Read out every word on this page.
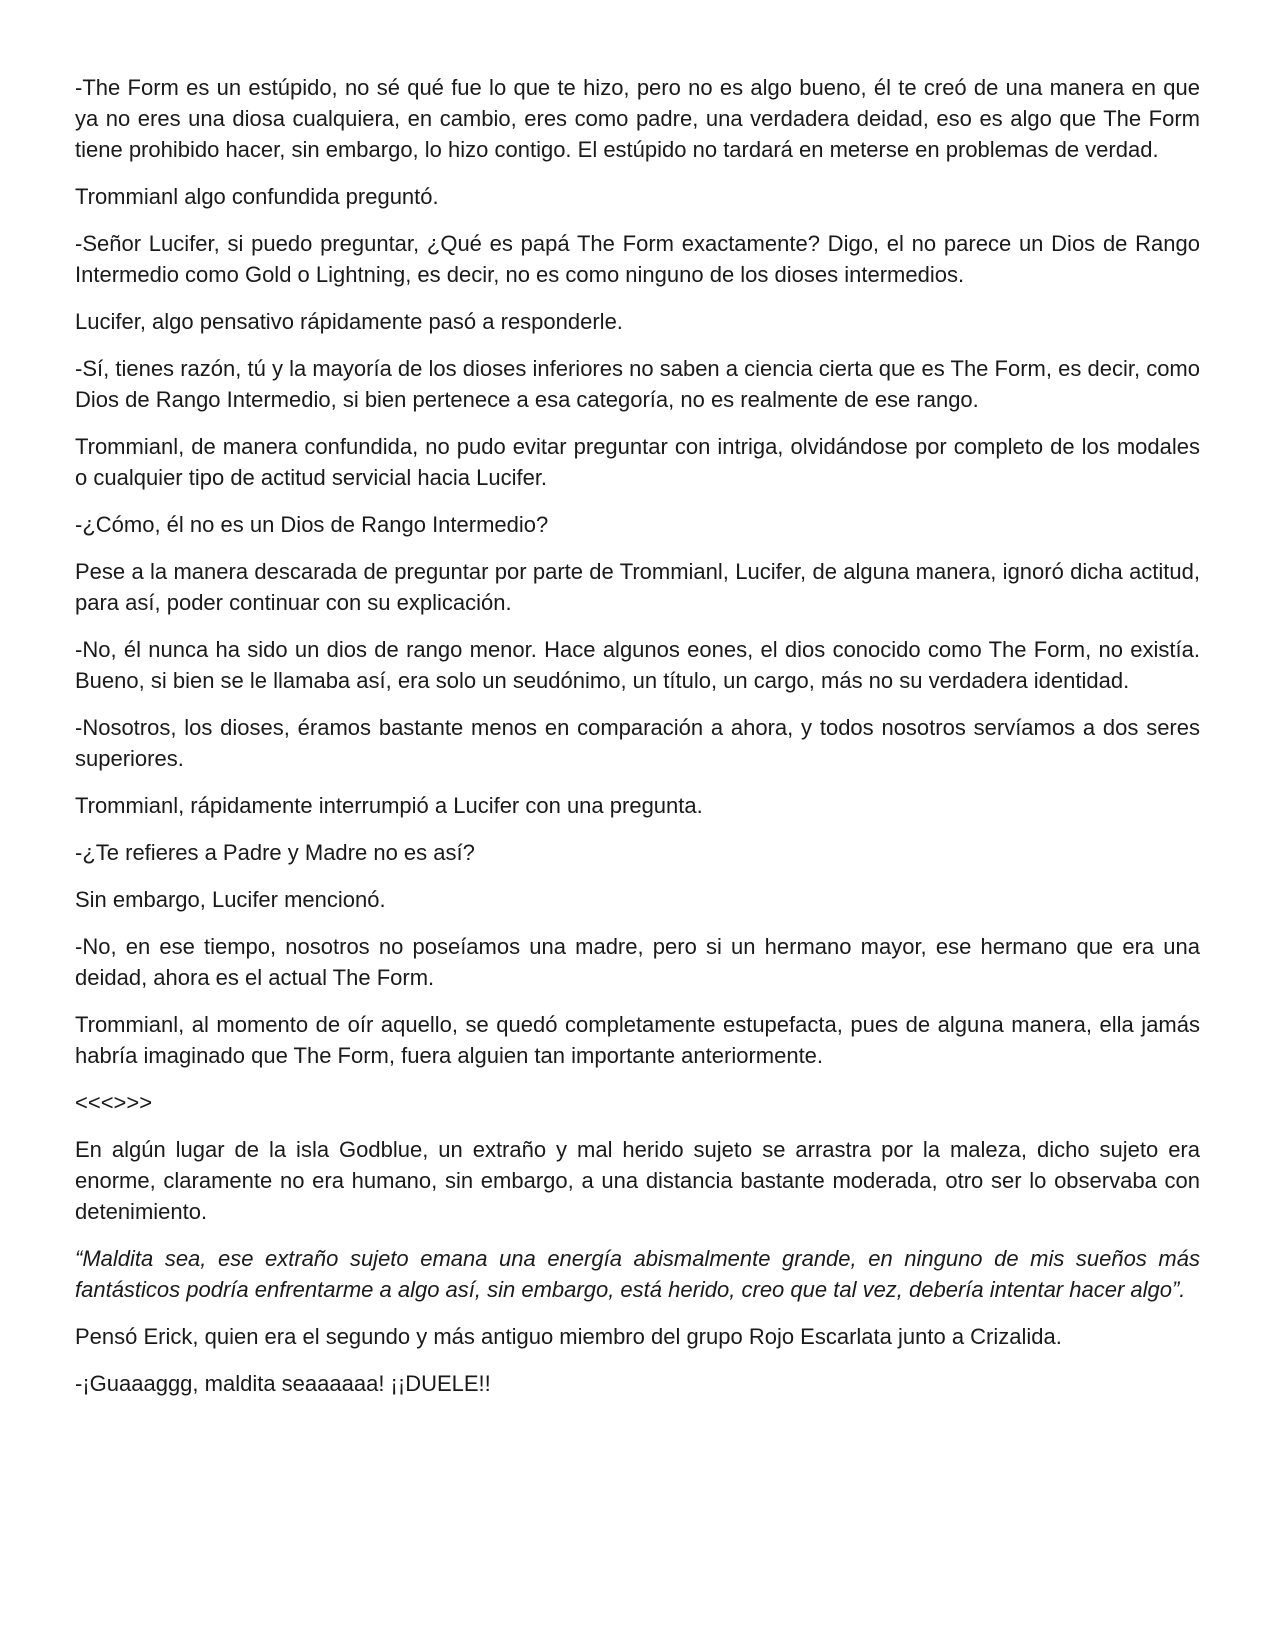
-The Form es un estúpido, no sé qué fue lo que te hizo, pero no es algo bueno, él te creó de una manera en que ya no eres una diosa cualquiera, en cambio, eres como padre, una verdadera deidad, eso es algo que The Form tiene prohibido hacer, sin embargo, lo hizo contigo. El estúpido no tardará en meterse en problemas de verdad.

Trommianl algo confundida preguntó.

-Señor Lucifer, si puedo preguntar, ¿Qué es papá The Form exactamente? Digo, el no parece un Dios de Rango Intermedio como Gold o Lightning, es decir, no es como ninguno de los dioses intermedios.

Lucifer, algo pensativo rápidamente pasó a responderle.

-Sí, tienes razón, tú y la mayoría de los dioses inferiores no saben a ciencia cierta que es The Form, es decir, como Dios de Rango Intermedio, si bien pertenece a esa categoría, no es realmente de ese rango.

Trommianl, de manera confundida, no pudo evitar preguntar con intriga, olvidándose por completo de los modales o cualquier tipo de actitud servicial hacia Lucifer.

-¿Cómo, él no es un Dios de Rango Intermedio?

Pese a la manera descarada de preguntar por parte de Trommianl, Lucifer, de alguna manera, ignoró dicha actitud, para así, poder continuar con su explicación.

-No, él nunca ha sido un dios de rango menor. Hace algunos eones, el dios conocido como The Form, no existía. Bueno, si bien se le llamaba así, era solo un seudónimo, un título, un cargo, más no su verdadera identidad.

-Nosotros, los dioses, éramos bastante menos en comparación a ahora, y todos nosotros servíamos a dos seres superiores.

Trommianl, rápidamente interrumpió a Lucifer con una pregunta.

-¿Te refieres a Padre y Madre no es así?

Sin embargo, Lucifer mencionó.

-No, en ese tiempo, nosotros no poseíamos una madre, pero si un hermano mayor, ese hermano que era una deidad, ahora es el actual The Form.

Trommianl, al momento de oír aquello, se quedó completamente estupefacta, pues de alguna manera, ella jamás habría imaginado que The Form, fuera alguien tan importante anteriormente.

<<<>>>

En algún lugar de la isla Godblue, un extraño y mal herido sujeto se arrastra por la maleza, dicho sujeto era enorme, claramente no era humano, sin embargo, a una distancia bastante moderada, otro ser lo observaba con detenimiento.

“Maldita sea, ese extraño sujeto emana una energía abismalmente grande, en ninguno de mis sueños más fantásticos podría enfrentarme a algo así, sin embargo, está herido, creo que tal vez, debería intentar hacer algo”.

Pensó Erick, quien era el segundo y más antiguo miembro del grupo Rojo Escarlata junto a Crizalida.

-¡Guaaaggg, maldita seaaaaaa! ¡¡DUELE!!
